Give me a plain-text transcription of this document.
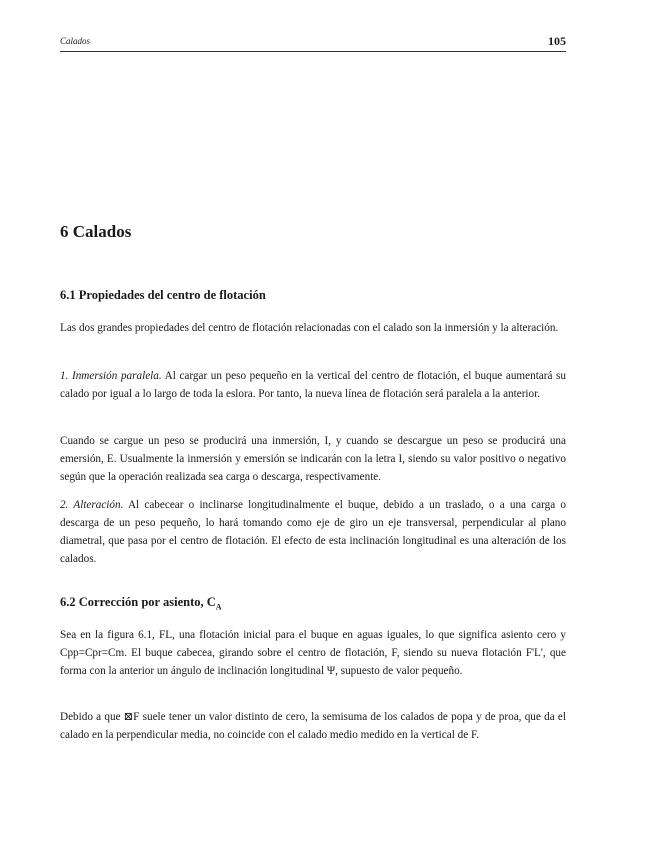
Calados	105
6 Calados
6.1 Propiedades del centro de flotación

Las dos grandes propiedades del centro de flotación relacionadas con el calado son la inmersión y la alteración.

1. Inmersión paralela. Al cargar un peso pequeño en la vertical del centro de flotación, el buque aumentará su calado por igual a lo largo de toda la eslora. Por tanto, la nueva línea de flotación será paralela a la anterior.

Cuando se cargue un peso se producirá una inmersión, I, y cuando se descargue un peso se producirá una emersión, E. Usualmente la inmersión y emersión se indicarán con la letra I, siendo su valor positivo o negativo según que la operación realizada sea carga o descarga, respectivamente.

2. Alteración. Al cabecear o inclinarse longitudinalmente el buque, debido a un traslado, o a una carga o descarga de un peso pequeño, lo hará tomando como eje de giro un eje transversal, perpendicular al plano diametral, que pasa por el centro de flotación. El efecto de esta inclinación longitudinal es una alteración de los calados.

6.2 Corrección por asiento, $C_A$

Sea en la figura 6.1, FL, una flotación inicial para el buque en aguas iguales, lo que significa asiento cero y Cpp=Cpr=Cm. El buque cabecea, girando sobre el centro de flotación, F, siendo su nueva flotación F'L', que forma con la anterior un ángulo de inclinación longitudinal Ψ, supuesto de valor pequeño.

Debido a que ⊠F suele tener un valor distinto de cero, la semisuma de los calados de popa y de proa, que da el calado en la perpendicular media, no coincide con el calado medio medido en la vertical de F.
